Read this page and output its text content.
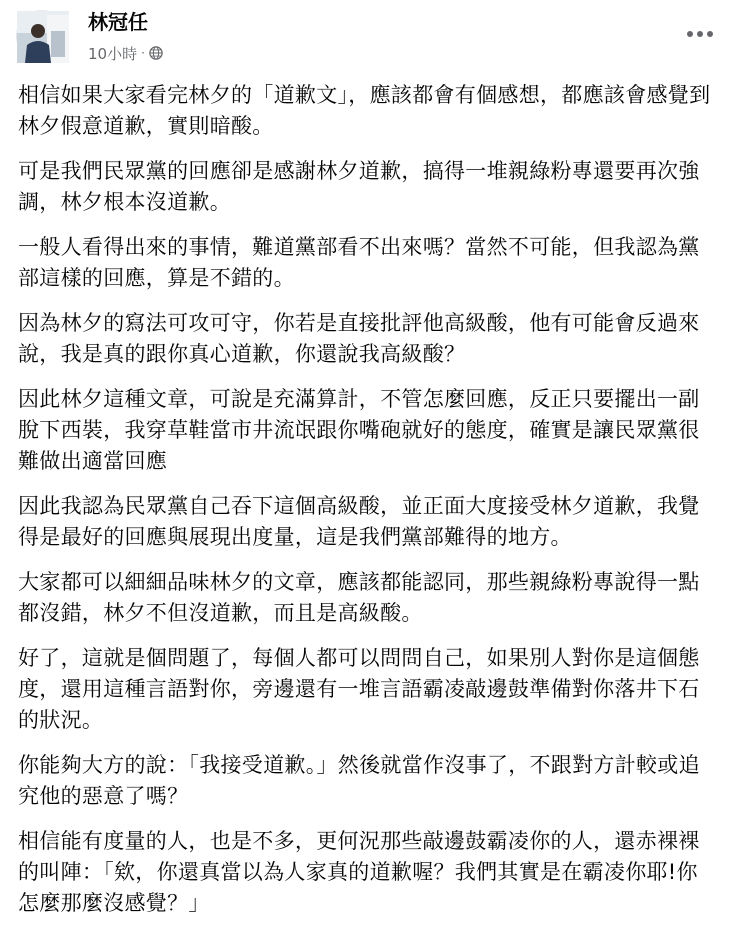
林冠任
10小時 ·

相信如果大家看完林夕的「道歉文」，應該都會有個感想，都應該會感覺到林夕假意道歉，實則暗酸。

可是我們民眾黨的回應卻是感謝林夕道歉，搞得一堆親綠粉專還要再次強調，林夕根本沒道歉。

一般人看得出來的事情，難道黨部看不出來嗎？當然不可能，但我認為黨部這樣的回應，算是不錯的。

因為林夕的寫法可攻可守，你若是直接批評他高級酸，他有可能會反過來說，我是真的跟你真心道歉，你還說我高級酸？

因此林夕這種文章，可說是充滿算計，不管怎麼回應，反正只要擺出一副脫下西裝，我穿草鞋當市井流氓跟你嘴砲就好的態度，確實是讓民眾黨很難做出適當回應

因此我認為民眾黨自己吞下這個高級酸，並正面大度接受林夕道歉，我覺得是最好的回應與展現出度量，這是我們黨部難得的地方。

大家都可以細細品味林夕的文章，應該都能認同，那些親綠粉專說得一點都沒錯，林夕不但沒道歉，而且是高級酸。

好了，這就是個問題了，每個人都可以問問自己，如果別人對你是這個態度，還用這種言語對你，旁邊還有一堆言語霸凌敲邊鼓準備對你落井下石的狀況。

你能夠大方的說：「我接受道歉。」然後就當作沒事了，不跟對方計較或追究他的惡意了嗎？

相信能有度量的人，也是不多，更何況那些敲邊鼓霸凌你的人，還赤裸裸的叫陣：「欸，你還真當以為人家真的道歉喔？我們其實是在霸凌你耶!你怎麼那麼沒感覺？」
